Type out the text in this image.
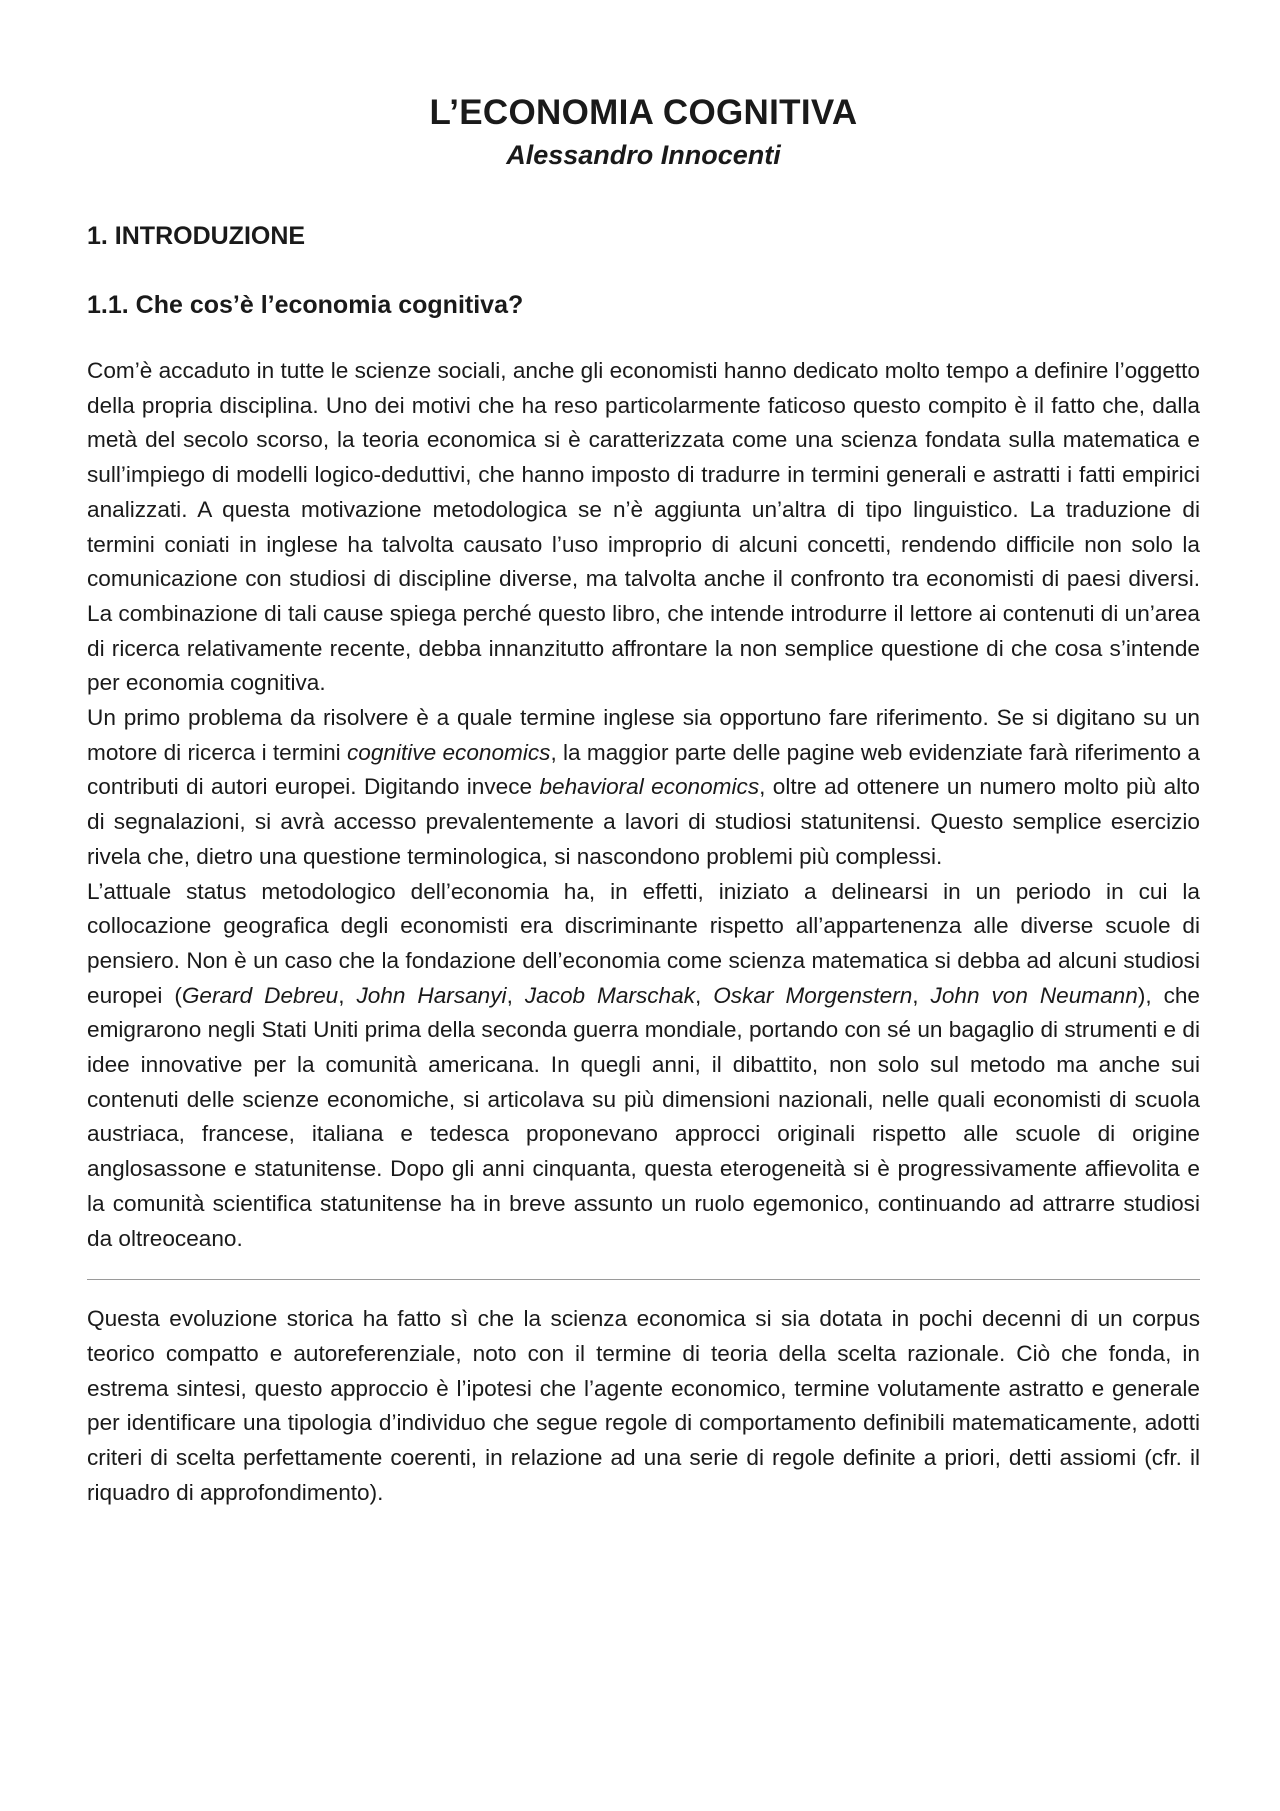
L’ECONOMIA COGNITIVA
Alessandro Innocenti
1. INTRODUZIONE
1.1. Che cos’è l’economia cognitiva?

Com’è accaduto in tutte le scienze sociali, anche gli economisti hanno dedicato molto tempo a definire l’oggetto della propria disciplina. Uno dei motivi che ha reso particolarmente faticoso questo compito è il fatto che, dalla metà del secolo scorso, la teoria economica si è caratterizzata come una scienza fondata sulla matematica e sull’impiego di modelli logico-deduttivi, che hanno imposto di tradurre in termini generali e astratti i fatti empirici analizzati. A questa motivazione metodologica se n’è aggiunta un’altra di tipo linguistico. La traduzione di termini coniati in inglese ha talvolta causato l’uso improprio di alcuni concetti, rendendo difficile non solo la comunicazione con studiosi di discipline diverse, ma talvolta anche il confronto tra economisti di paesi diversi. La combinazione di tali cause spiega perché questo libro, che intende introdurre il lettore ai contenuti di un’area di ricerca relativamente recente, debba innanzitutto affrontare la non semplice questione di che cosa s’intende per economia cognitiva.

Un primo problema da risolvere è a quale termine inglese sia opportuno fare riferimento. Se si digitano su un motore di ricerca i termini cognitive economics, la maggior parte delle pagine web evidenziate farà riferimento a contributi di autori europei. Digitando invece behavioral economics, oltre ad ottenere un numero molto più alto di segnalazioni, si avrà accesso prevalentemente a lavori di studiosi statunitensi. Questo semplice esercizio rivela che, dietro una questione terminologica, si nascondono problemi più complessi.

L’attuale status metodologico dell’economia ha, in effetti, iniziato a delinearsi in un periodo in cui la collocazione geografica degli economisti era discriminante rispetto all’appartenenza alle diverse scuole di pensiero. Non è un caso che la fondazione dell’economia come scienza matematica si debba ad alcuni studiosi europei (Gerard Debreu, John Harsanyi, Jacob Marschak, Oskar Morgenstern, John von Neumann), che emigrarono negli Stati Uniti prima della seconda guerra mondiale, portando con sé un bagaglio di strumenti e di idee innovative per la comunità americana. In quegli anni, il dibattito, non solo sul metodo ma anche sui contenuti delle scienze economiche, si articolava su più dimensioni nazionali, nelle quali economisti di scuola austriaca, francese, italiana e tedesca proponevano approcci originali rispetto alle scuole di origine anglosassone e statunitense. Dopo gli anni cinquanta, questa eterogeneità si è progressivamente affievolita e la comunità scientifica statunitense ha in breve assunto un ruolo egemonico, continuando ad attrarre studiosi da oltreoceano.

Questa evoluzione storica ha fatto sì che la scienza economica si sia dotata in pochi decenni di un corpus teorico compatto e autoreferenziale, noto con il termine di teoria della scelta razionale. Ciò che fonda, in estrema sintesi, questo approccio è l’ipotesi che l’agente economico, termine volutamente astratto e generale per identificare una tipologia d’individuo che segue regole di comportamento definibili matematicamente, adotti criteri di scelta perfettamente coerenti, in relazione ad una serie di regole definite a priori, detti assiomi (cfr. il riquadro di approfondimento).
